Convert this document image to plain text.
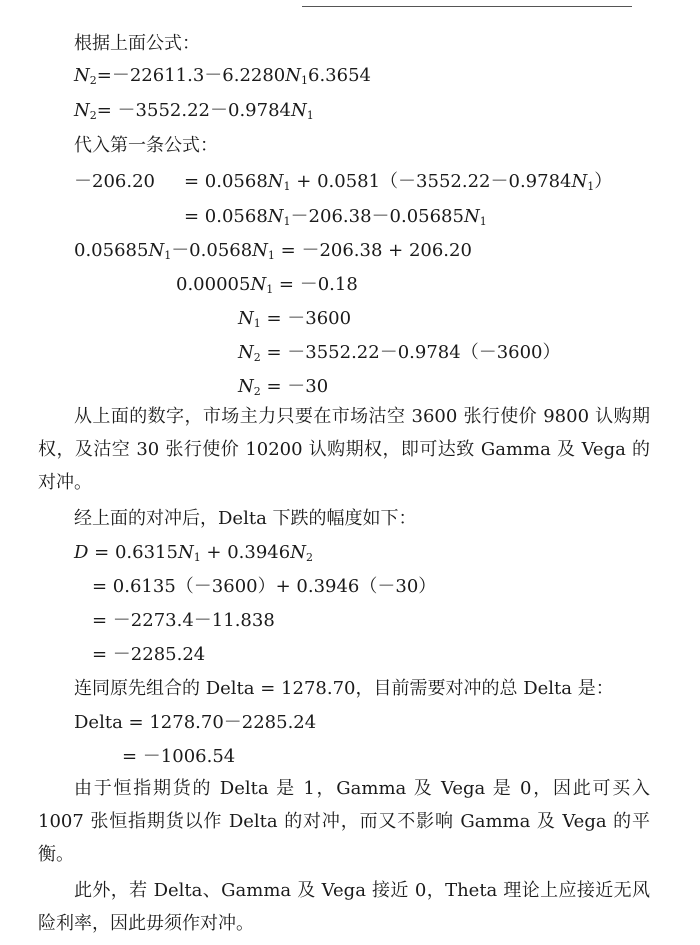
根据上面公式：
$N_2=-22611.3-6.2280N_16.3654$
$N_2= -3552.22-0.9784N_1$
代入第一条公式：
$-206.20 = 0.0568N_1 + 0.0581(-3552.22-0.9784N_1)$
= $0.0568N_1-206.38-0.05685N_1$
$0.05685N_1-0.0568N_1 = -206.38 + 206.20$
$0.00005N_1 = -0.18$
$N_1 = -3600$
$N_2 = -3552.22-0.9784(-3600)$
$N_2 = -30$
从上面的数字，市场主力只要在市场沽空 3600 张行使价 9800 认购期权，及沽空 30 张行使价 10200 认购期权，即可达致 Gamma 及 Vega 的对冲。
经上面的对冲后，Delta 下跌的幅度如下：
$D = 0.6315N_1 + 0.3946N_2$
= 0.6135（－3600）+ 0.3946（－30）
= －2273.4－11.838
= －2285.24
连同原先组合的 Delta = 1278.70，目前需要对冲的总 Delta 是：
Delta = 1278.70－2285.24
= －1006.54
由于恒指期货的 Delta 是 1，Gamma 及 Vega 是 0，因此可买入 1007 张恒指期货以作 Delta 的对冲，而又不影响 Gamma 及 Vega 的平衡。
此外，若 Delta、Gamma 及 Vega 接近 0，Theta 理论上应接近无风险利率，因此毋须作对冲。
